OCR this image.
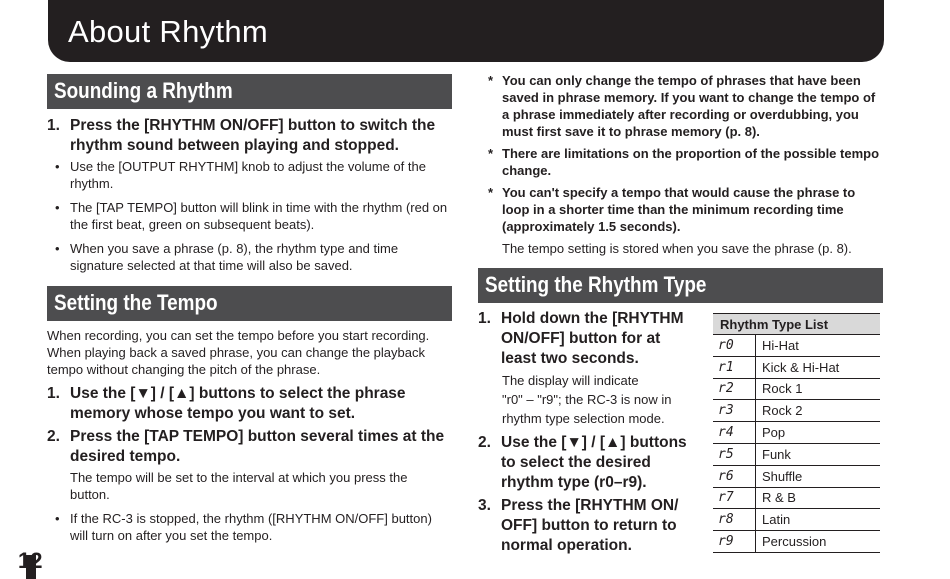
About Rhythm
Sounding a Rhythm
1. Press the [RHYTHM ON/OFF] button to switch the rhythm sound between playing and stopped.
• Use the [OUTPUT RHYTHM] knob to adjust the volume of the rhythm.
• The [TAP TEMPO] button will blink in time with the rhythm (red on the first beat, green on subsequent beats).
• When you save a phrase (p. 8), the rhythm type and time signature selected at that time will also be saved.
Setting the Tempo
When recording, you can set the tempo before you start recording. When playing back a saved phrase, you can change the playback tempo without changing the pitch of the phrase.
1. Use the [▼] / [▲] buttons to select the phrase memory whose tempo you want to set.
2. Press the [TAP TEMPO] button several times at the desired tempo.
The tempo will be set to the interval at which you press the button.
• If the RC-3 is stopped, the rhythm ([RHYTHM ON/OFF] button) will turn on after you set the tempo.
* You can only change the tempo of phrases that have been saved in phrase memory. If you want to change the tempo of a phrase immediately after recording or overdubbing, you must first save it to phrase memory (p. 8).
* There are limitations on the proportion of the possible tempo change.
* You can't specify a tempo that would cause the phrase to loop in a shorter time than the minimum recording time (approximately 1.5 seconds).
The tempo setting is stored when you save the phrase (p. 8).
Setting the Rhythm Type
1. Hold down the [RHYTHM ON/OFF] button for at least two seconds.
The display will indicate
"r0" – "r9"; the RC-3 is now in rhythm type selection mode.
2. Use the [▼] / [▲] buttons to select the desired rhythm type (r0–r9).
3. Press the [RHYTHM ON/ OFF] button to return to normal operation.
Rhythm Type List	
r0	Hi-Hat
r1	Kick & Hi-Hat
r2	Rock 1
r3	Rock 2
r4	Pop
r5	Funk
r6	Shuffle
r7	R & B
r8	Latin
r9	Percussion
12
